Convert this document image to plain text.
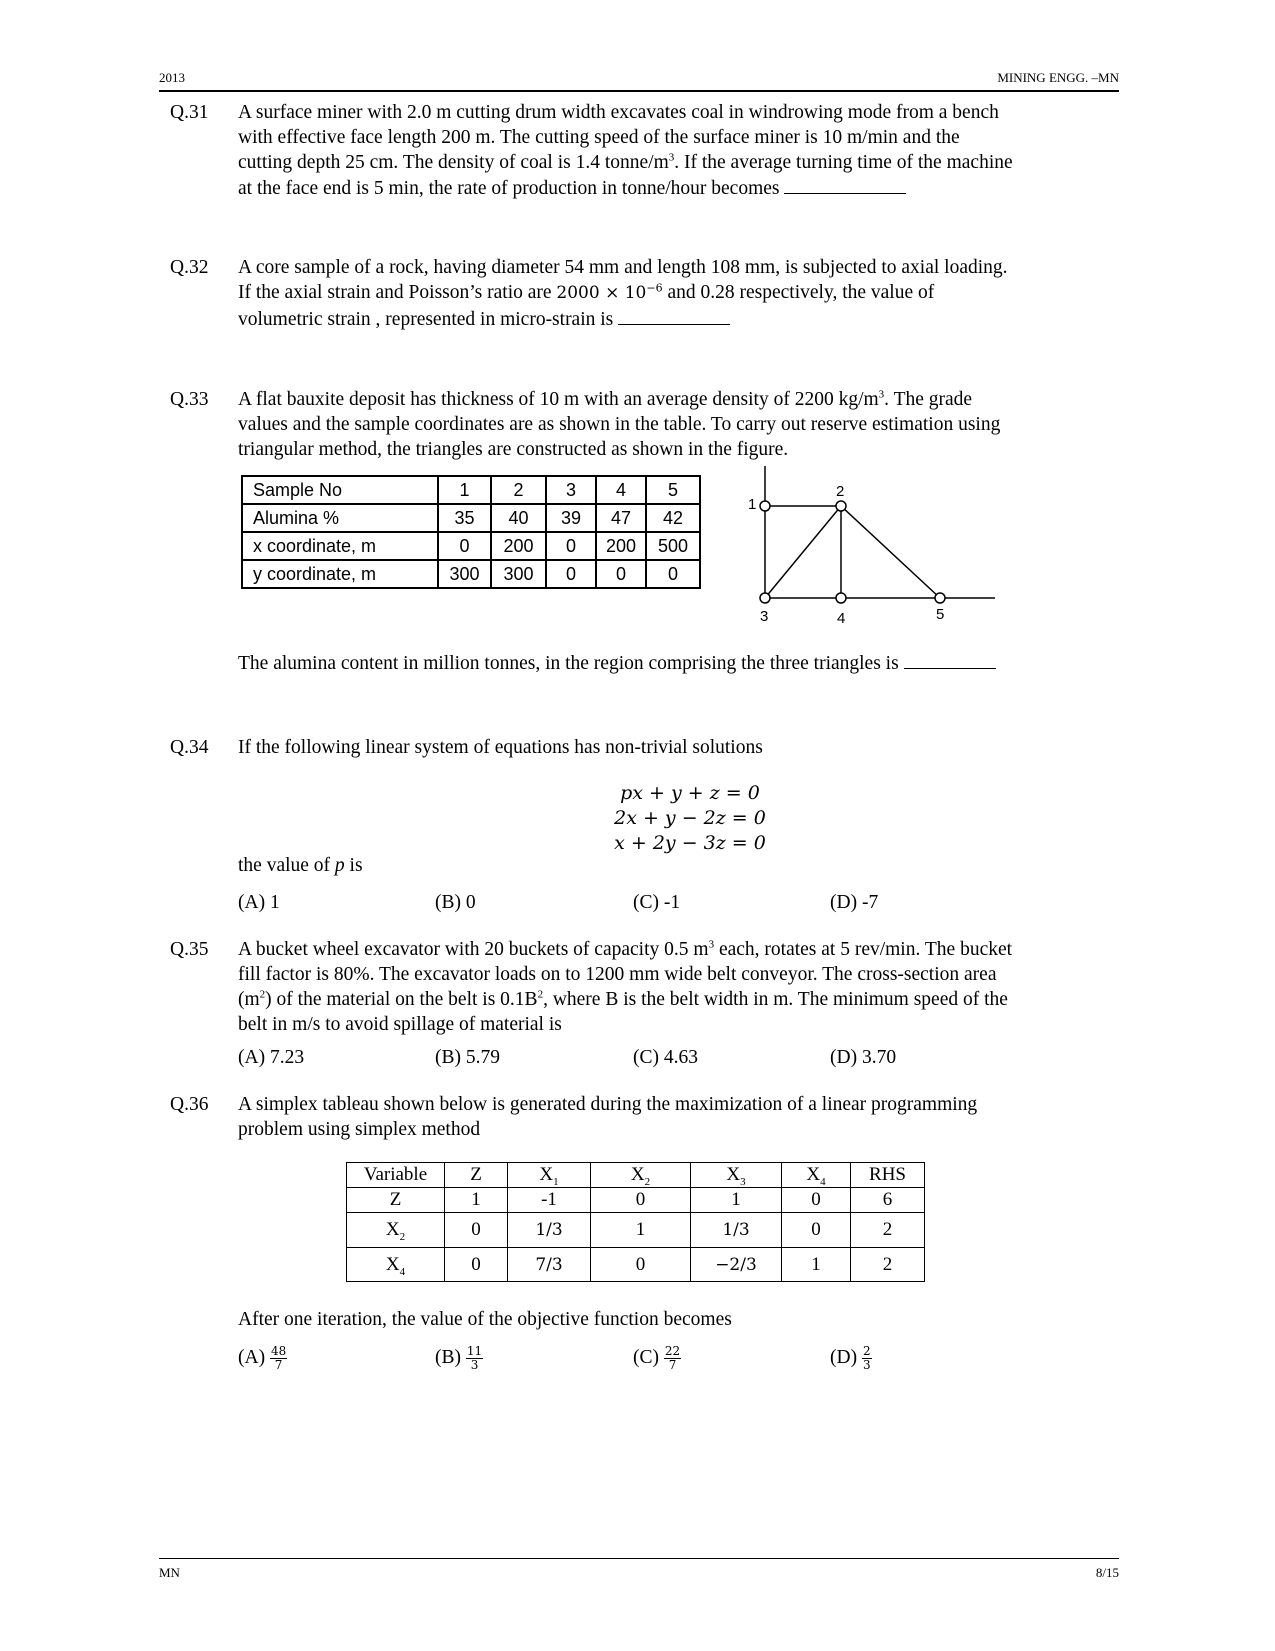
2013	MINING ENGG. –MN
Q.31	A surface miner with 2.0 m cutting drum width excavates coal in windrowing mode from a bench
with effective face length 200 m. The cutting speed of the surface miner is 10 m/min and the
cutting depth 25 cm. The density of coal is 1.4 tonne/$m^3$. If the average turning time of the machine
at the face end is 5 min, the rate of production in tonne/hour becomes
Q.32	A core sample of a rock, having diameter 54 mm and length 108 mm, is subjected to axial loading.
If the axial strain and Poisson’s ratio are $2000 \times 10^{-6}$ and 0.28 respectively, the value of
volumetric strain , represented in micro-strain is
Q.33	A flat bauxite deposit has thickness of 10 m with an average density of 2200 $kg/m^3$. The grade
values and the sample coordinates are as shown in the table. To carry out reserve estimation using
triangular method, the triangles are constructed as shown in the figure.
Sample No	1	2	3	4	5
Alumina %	35	40	39	47	42
x coordinate, m	0	200	0	200	500
y coordinate, m	300	300	0	0	0
1
2
3	4	5
The alumina content in million tonnes, in the region comprising the three triangles is
Q.34	If the following linear system of equations has non-trivial solutions
px + y + z = 0
2x + y − 2z = 0
x + 2y − 3z = 0
the value of p is
(A) 1	(B) 0	(C) -1	(D) -7
Q.35	A bucket wheel excavator with 20 buckets of capacity 0.5 $m^3$ each, rotates at 5 rev/min. The bucket
fill factor is 80%. The excavator loads on to 1200 mm wide belt conveyor. The cross-section area
$(m^2)$ of the material on the belt is $0.1B^2$, where B is the belt width in m. The minimum speed of the
belt in m/s to avoid spillage of material is
(A) 7.23	(B) 5.79	(C) 4.63	(D) 3.70
Q.36	A simplex tableau shown below is generated during the maximization of a linear programming
problem using simplex method
Variable	Z	$X_1$	$X_2$	$X_3$	$X_4$	RHS
Z	1	-1	0	1	0	6
$X_2$	0	1/3	1	1/3	0	2
$X_4$	0	7/3	0	−2/3	1	2
After one iteration, the value of the objective function becomes
$(A) \frac{48}{7}$	$(B) \frac{11}{3}$	$(C) \frac{22}{7}$	$(D) \frac{2}{3}$
MN	8/15
